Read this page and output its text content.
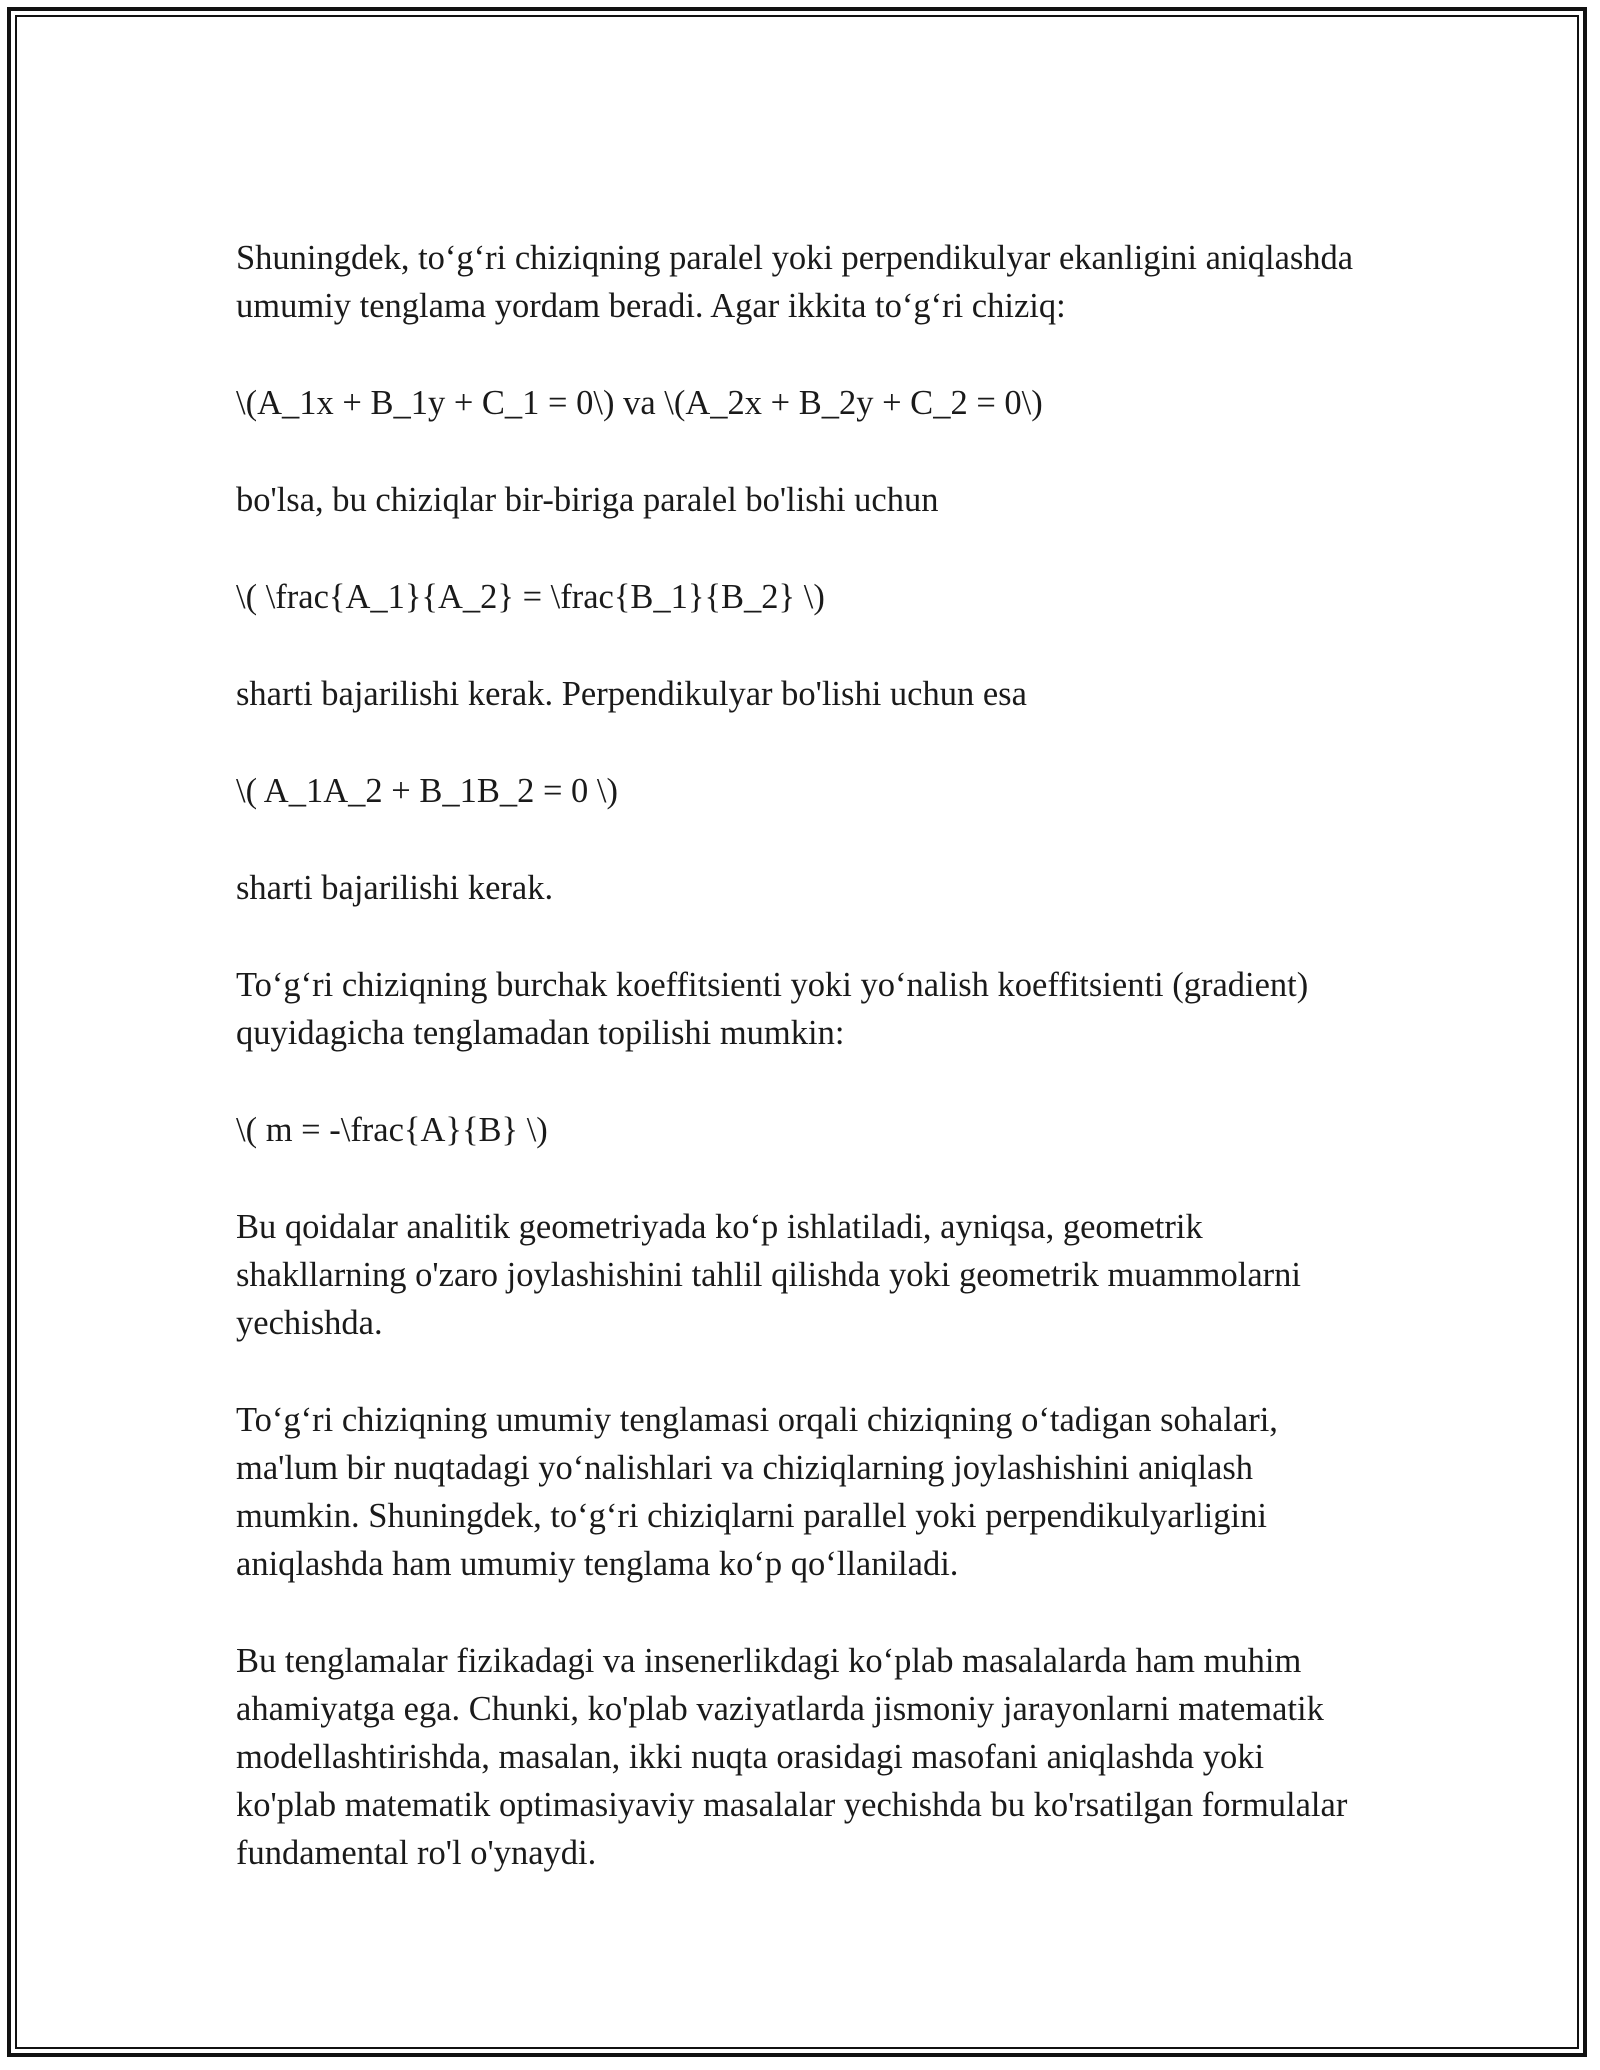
Shuningdek, to‘g‘ri chiziqning paralel yoki perpendikulyar ekanligini aniqlashda umumiy tenglama yordam beradi. Agar ikkita to‘g‘ri chiziq:

\(A_1x + B_1y + C_1 = 0\) va \(A_2x + B_2y + C_2 = 0\)

bo'lsa, bu chiziqlar bir-biriga paralel bo'lishi uchun

\( \frac{A_1}{A_2} = \frac{B_1}{B_2} \)

sharti bajarilishi kerak. Perpendikulyar bo'lishi uchun esa

\( A_1A_2 + B_1B_2 = 0 \)

sharti bajarilishi kerak.

To‘g‘ri chiziqning burchak koeffitsienti yoki yo‘nalish koeffitsienti (gradient) quyidagicha tenglamadan topilishi mumkin:

\( m = -\frac{A}{B} \)

Bu qoidalar analitik geometriyada ko‘p ishlatiladi, ayniqsa, geometrik shakllarning o'zaro joylashishini tahlil qilishda yoki geometrik muammolarni yechishda.

To‘g‘ri chiziqning umumiy tenglamasi orqali chiziqning o‘tadigan sohalari, ma'lum bir nuqtadagi yo‘nalishlari va chiziqlarning joylashishini aniqlash mumkin. Shuningdek, to‘g‘ri chiziqlarni parallel yoki perpendikulyarligini aniqlashda ham umumiy tenglama ko‘p qo‘llaniladi.

Bu tenglamalar fizikadagi va insenerlikdagi ko‘plab masalalarda ham muhim ahamiyatga ega. Chunki, ko'plab vaziyatlarda jismoniy jarayonlarni matematik modellashtirishda, masalan, ikki nuqta orasidagi masofani aniqlashda yoki ko'plab matematik optimasiyaviy masalalar yechishda bu ko'rsatilgan formulalar fundamental ro'l o'ynaydi.
